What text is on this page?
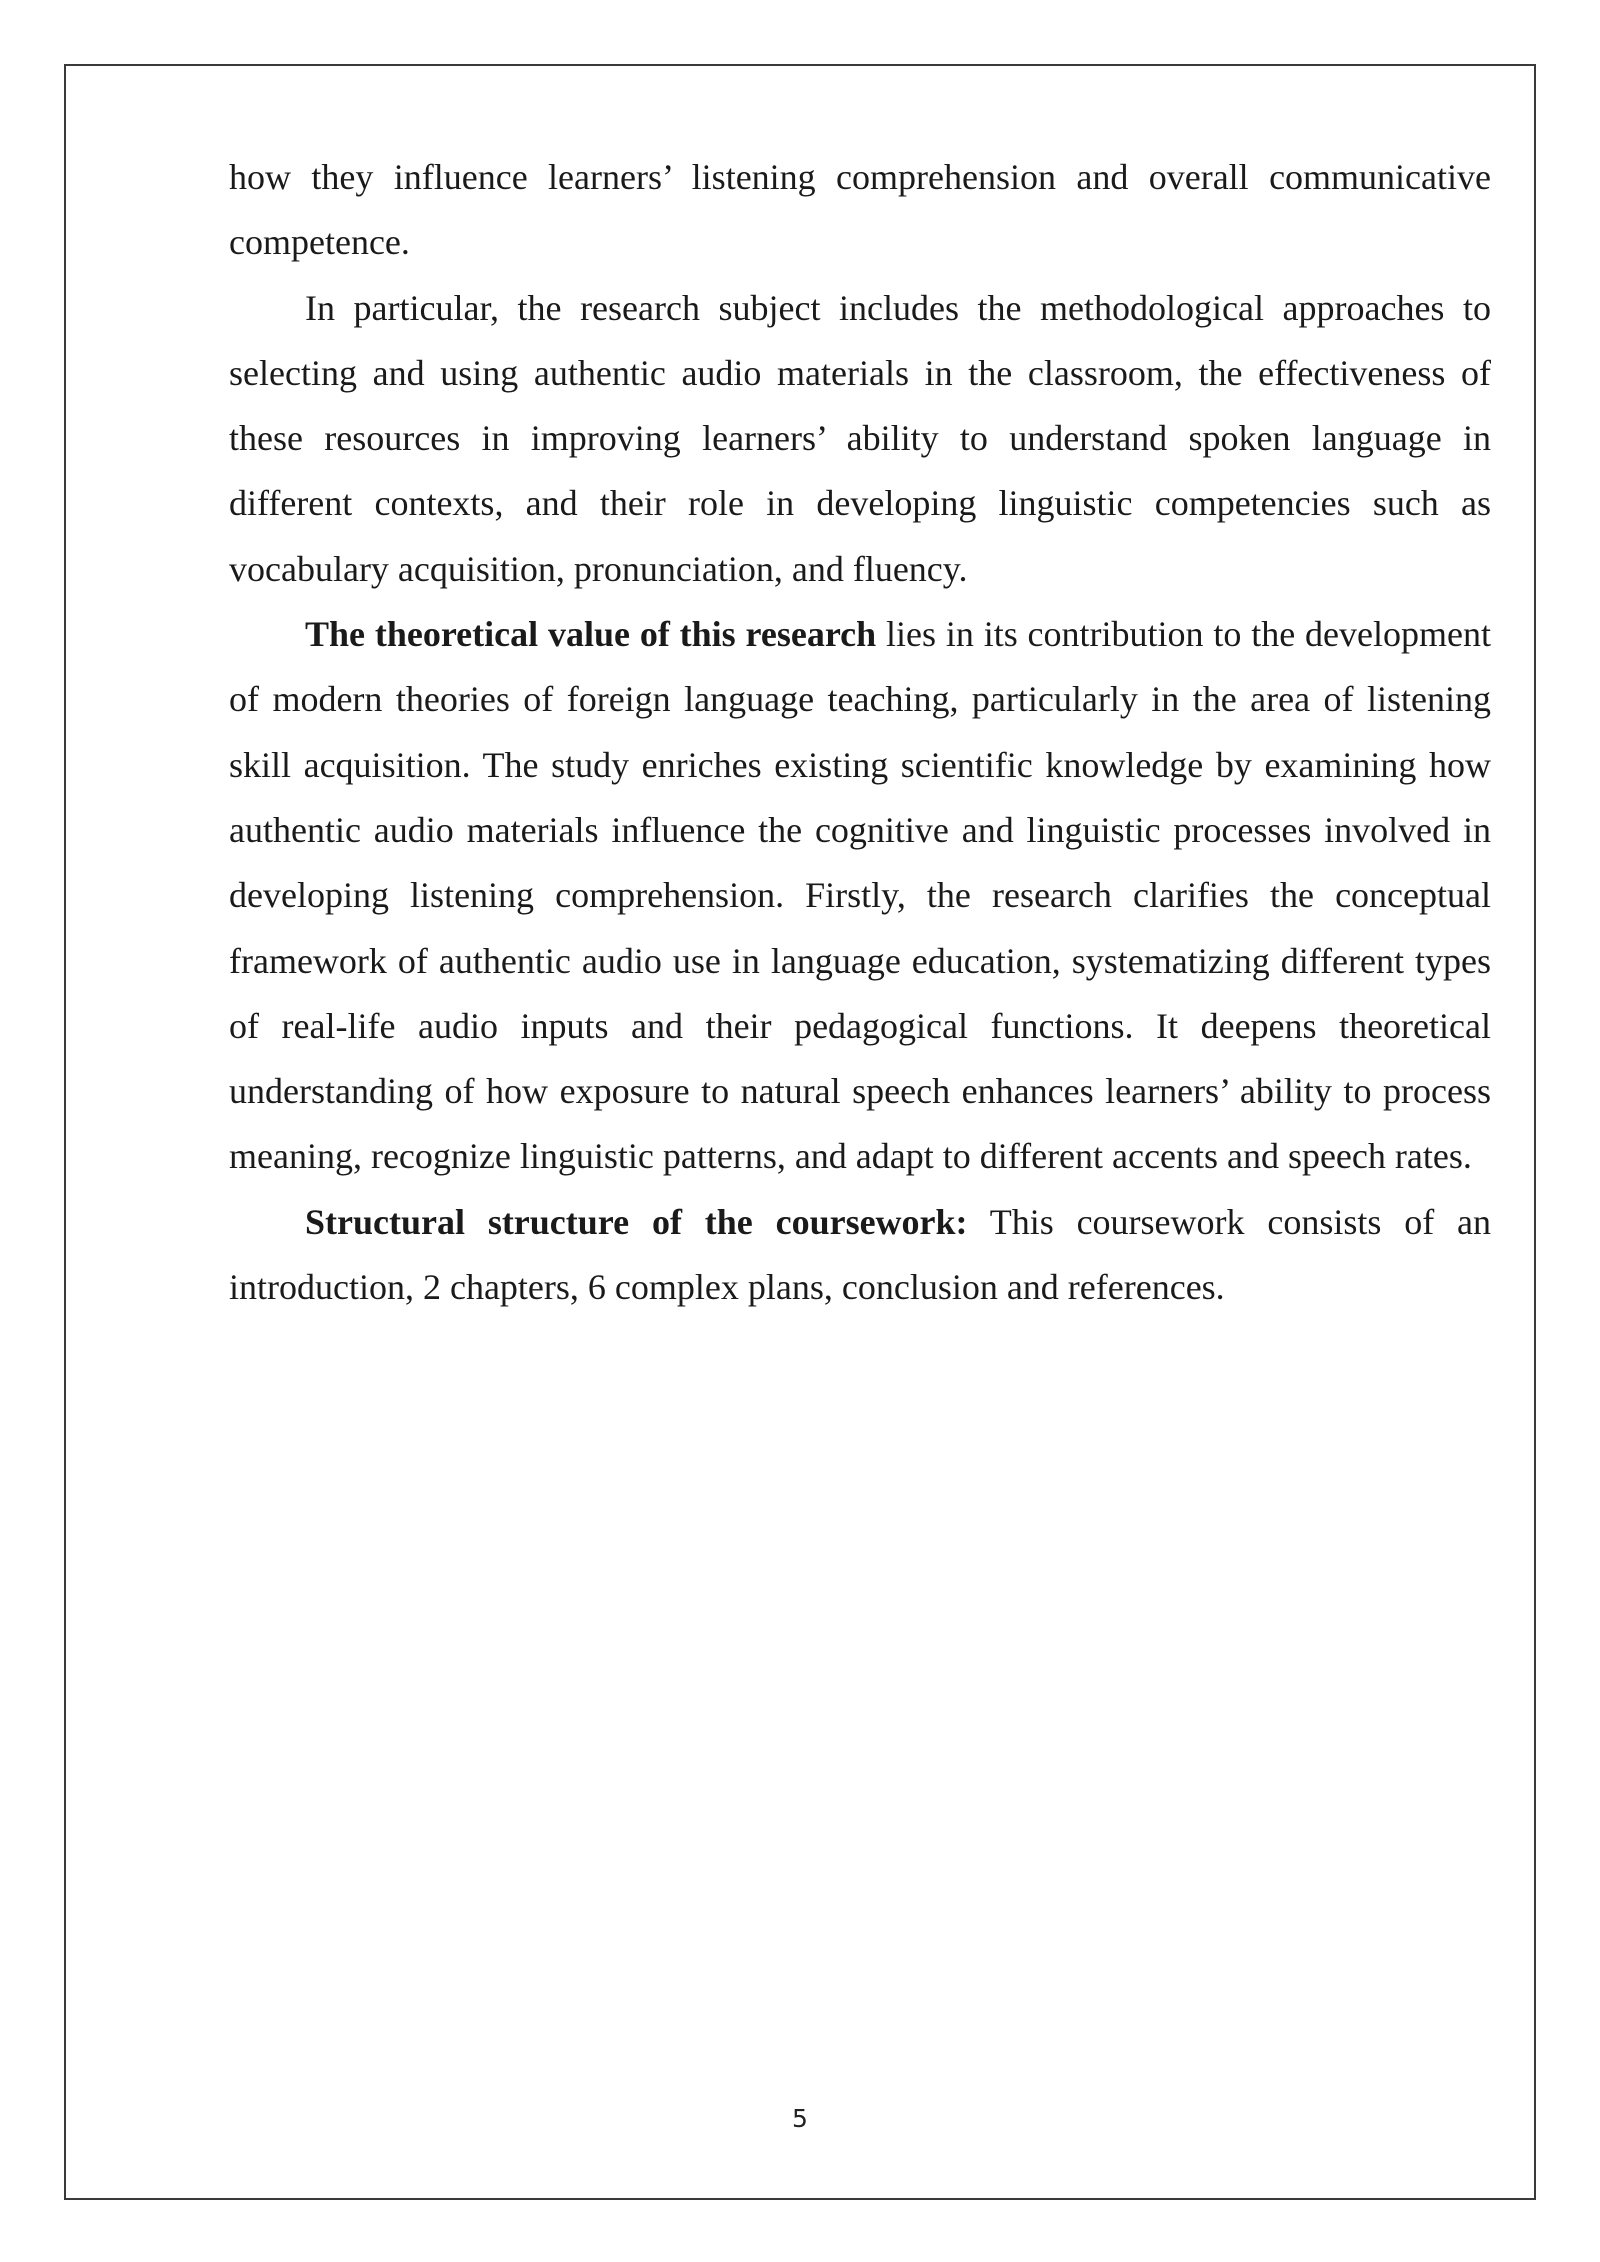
how they influence learners’ listening comprehension and overall communicative competence.

In particular, the research subject includes the methodological approaches to selecting and using authentic audio materials in the classroom, the effectiveness of these resources in improving learners’ ability to understand spoken language in different contexts, and their role in developing linguistic competencies such as vocabulary acquisition, pronunciation, and fluency.

The theoretical value of this research lies in its contribution to the development of modern theories of foreign language teaching, particularly in the area of listening skill acquisition. The study enriches existing scientific knowledge by examining how authentic audio materials influence the cognitive and linguistic processes involved in developing listening comprehension. Firstly, the research clarifies the conceptual framework of authentic audio use in language education, systematizing different types of real-life audio inputs and their pedagogical functions. It deepens theoretical understanding of how exposure to natural speech enhances learners’ ability to process meaning, recognize linguistic patterns, and adapt to different accents and speech rates.

Structural structure of the coursework: This coursework consists of an introduction, 2 chapters, 6 complex plans, conclusion and references.

5
